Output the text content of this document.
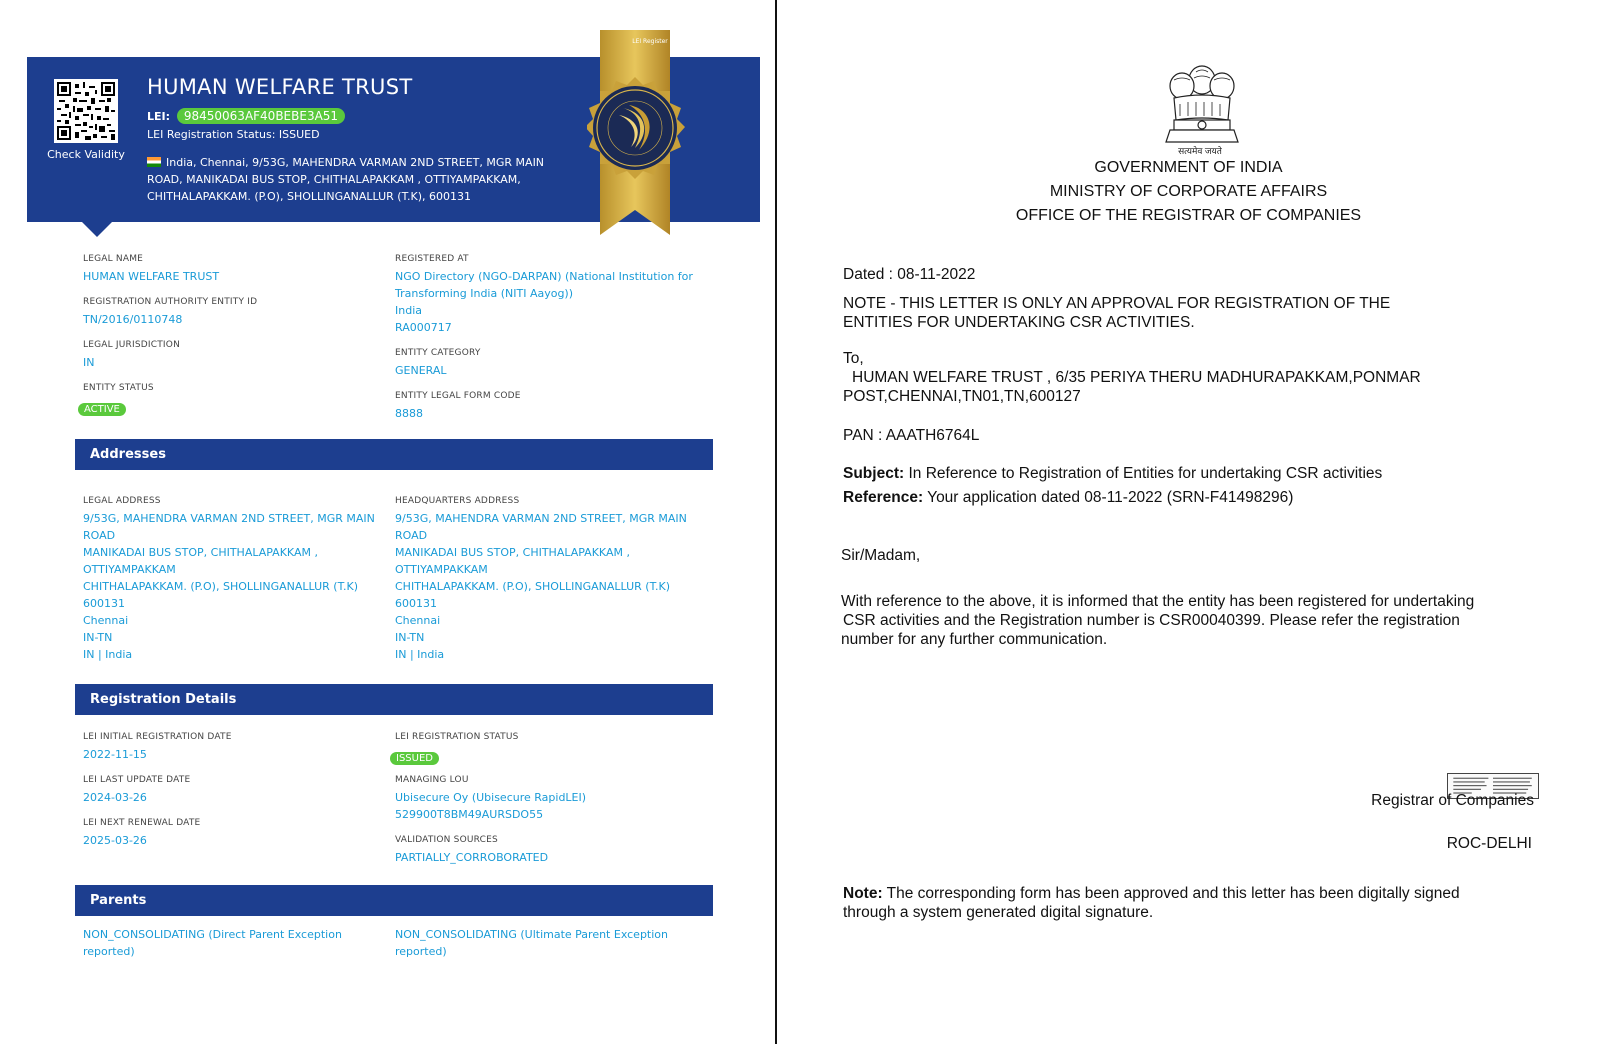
Check Validity
HUMAN WELFARE TRUST
LEI: 98450063AF40BEBE3A51
LEI Registration Status: ISSUED
India, Chennai, 9/53G, MAHENDRA VARMAN 2ND STREET, MGR MAIN ROAD, MANIKADAI BUS STOP, CHITHALAPAKKAM , OTTIYAMPAKKAM, CHITHALAPAKKAM. (P.O), SHOLLINGANALLUR (T.K), 600131
LEI Register
LEGAL NAME
HUMAN WELFARE TRUST
REGISTRATION AUTHORITY ENTITY ID
TN/2016/0110748
LEGAL JURISDICTION
IN
ENTITY STATUS
ACTIVE
REGISTERED AT
NGO Directory (NGO-DARPAN) (National Institution for
Transforming India (NITI Aayog))
India
RA000717
ENTITY CATEGORY
GENERAL
ENTITY LEGAL FORM CODE
8888
Addresses
LEGAL ADDRESS
9/53G, MAHENDRA VARMAN 2ND STREET, MGR MAIN
ROAD
MANIKADAI BUS STOP, CHITHALAPAKKAM ,
OTTIYAMPAKKAM
CHITHALAPAKKAM. (P.O), SHOLLINGANALLUR (T.K)
600131
Chennai
IN-TN
IN | India
HEADQUARTERS ADDRESS
9/53G, MAHENDRA VARMAN 2ND STREET, MGR MAIN
ROAD
MANIKADAI BUS STOP, CHITHALAPAKKAM ,
OTTIYAMPAKKAM
CHITHALAPAKKAM. (P.O), SHOLLINGANALLUR (T.K)
600131
Chennai
IN-TN
IN | India
Registration Details
LEI INITIAL REGISTRATION DATE
2022-11-15
LEI LAST UPDATE DATE
2024-03-26
LEI NEXT RENEWAL DATE
2025-03-26
LEI REGISTRATION STATUS
ISSUED
MANAGING LOU
Ubisecure Oy (Ubisecure RapidLEI)
529900T8BM49AURSDO55
VALIDATION SOURCES
PARTIALLY_CORROBORATED
Parents
NON_CONSOLIDATING (Direct Parent Exception
reported)
NON_CONSOLIDATING (Ultimate Parent Exception
reported)
सत्यमेव जयते
GOVERNMENT OF INDIA
MINISTRY OF CORPORATE AFFAIRS
OFFICE OF THE REGISTRAR OF COMPANIES
Dated : 08-11-2022
NOTE - THIS LETTER IS ONLY AN APPROVAL FOR REGISTRATION OF THE
ENTITIES FOR UNDERTAKING CSR ACTIVITIES.
To,
HUMAN WELFARE TRUST , 6/35 PERIYA THERU MADHURAPAKKAM,PONMAR
POST,CHENNAI,TN01,TN,600127
PAN : AAATH6764L
Subject: In Reference to Registration of Entities for undertaking CSR activities
Reference: Your application dated 08-11-2022 (SRN-F41498296)
Sir/Madam,
With reference to the above, it is informed that the entity has been registered for undertaking
CSR activities and the Registration number is CSR00040399. Please refer the registration
number for any further communication.
Registrar of Companies
ROC-DELHI
Note: The corresponding form has been approved and this letter has been digitally signed
through a system generated digital signature.
